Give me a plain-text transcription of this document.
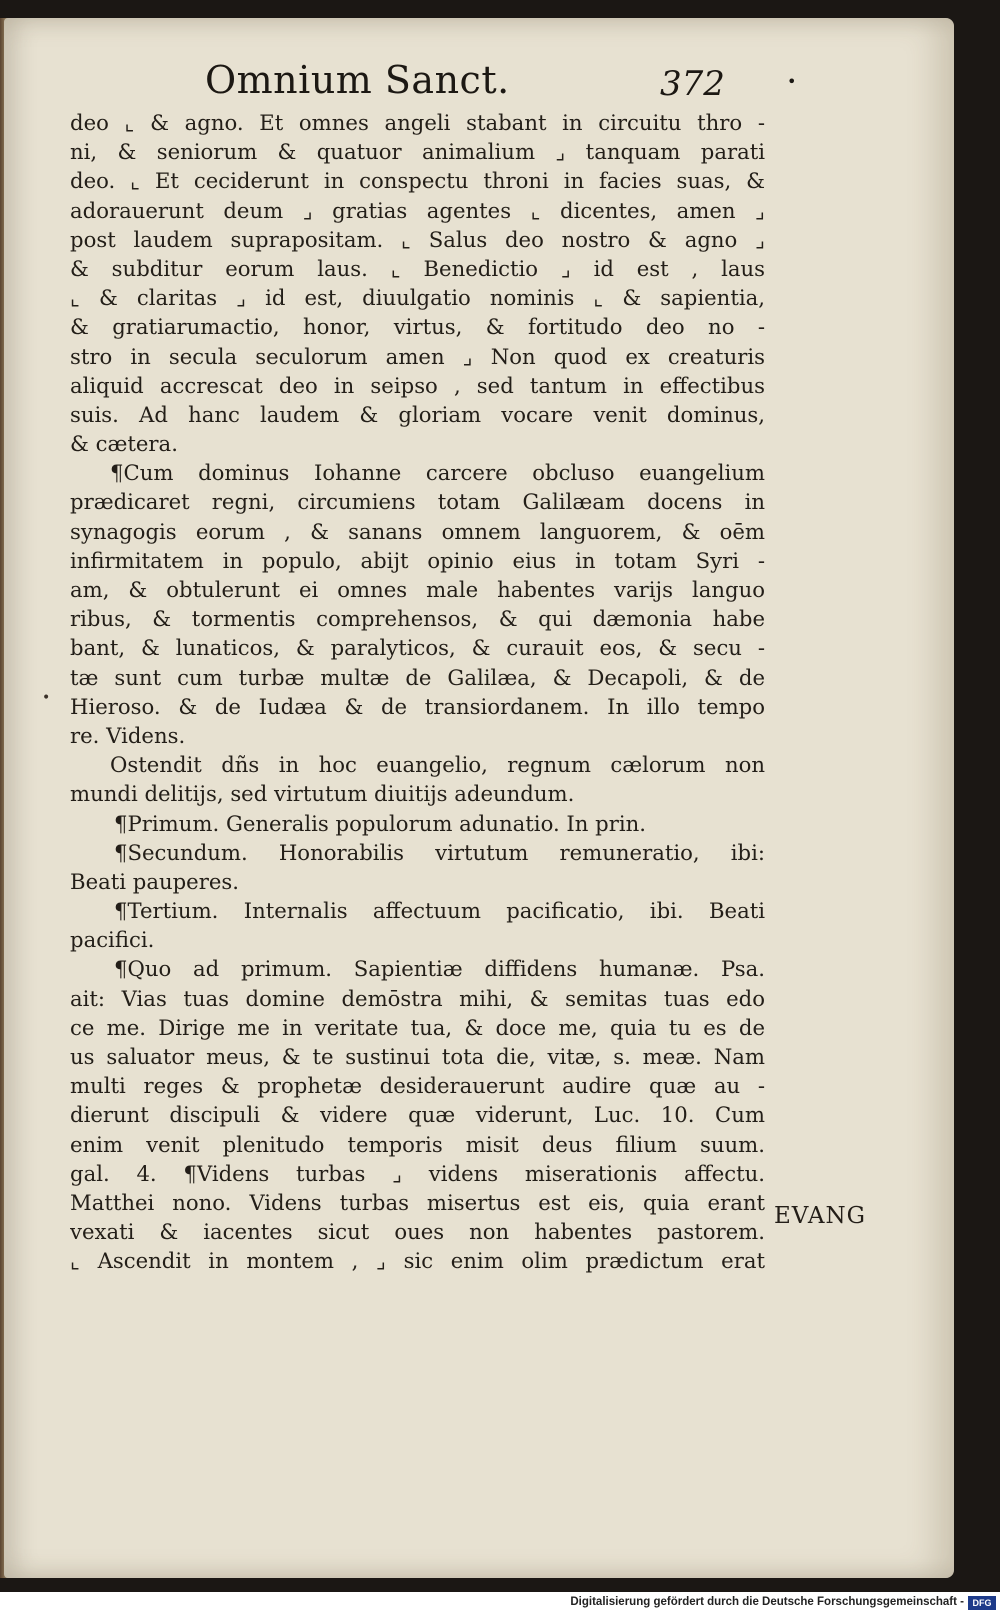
Omnium Sanct.	372	•
•
deo ⌞ & agno. Et omnes angeli stabant in circuitu thro -
ni, & seniorum & quatuor animalium ⌟ tanquam parati
deo. ⌞ Et ceciderunt in conspectu throni in facies suas, &
adorauerunt deum ⌟ gratias agentes ⌞ dicentes, amen ⌟
post laudem suprapositam. ⌞ Salus deo nostro & agno ⌟
& subditur eorum laus. ⌞ Benedictio ⌟ id est , laus
⌞ & claritas ⌟ id est, diuulgatio nominis ⌞ & sapientia,
& gratiarumactio, honor, virtus, & fortitudo deo no -
stro in secula seculorum amen ⌟ Non quod ex creaturis
aliquid accrescat deo in seipso , sed tantum in effectibus
suis. Ad hanc laudem & gloriam vocare venit dominus,
& cætera.
¶Cum dominus Iohanne carcere obcluso euangelium
prædicaret regni, circumiens totam Galilæam docens in
synagogis eorum , & sanans omnem languorem, & oēm
infirmitatem in populo, abijt opinio eius in totam Syri -
am, & obtulerunt ei omnes male habentes varijs languo
ribus, & tormentis comprehensos, & qui dæmonia habe
bant, & lunaticos, & paralyticos, & curauit eos, & secu -
tæ sunt cum turbæ multæ de Galilæa, & Decapoli, & de
Hieroso. & de Iudæa & de transiordanem. In illo tempo
re. Videns.
Ostendit dñs in hoc euangelio, regnum cælorum non
mundi delitijs, sed virtutum diuitijs adeundum.
¶Primum. Generalis populorum adunatio. In prin.
¶Secundum. Honorabilis virtutum remuneratio, ibi:
Beati pauperes.
¶Tertium. Internalis affectuum pacificatio, ibi. Beati
pacifici.
¶Quo ad primum. Sapientiæ diffidens humanæ. Psa.
ait: Vias tuas domine demōstra mihi, & semitas tuas edo
ce me. Dirige me in veritate tua, & doce me, quia tu es de
us saluator meus, & te sustinui tota die, vitæ, s. meæ. Nam
multi reges & prophetæ desiderauerunt audire quæ au -
dierunt discipuli & videre quæ viderunt, Luc. 10. Cum
enim venit plenitudo temporis misit deus filium suum.
gal. 4. ¶Videns turbas ⌟ videns miserationis affectu.
Matthei nono. Videns turbas misertus est eis, quia erant
vexati & iacentes sicut oues non habentes pastorem.
⌞ Ascendit in montem , ⌟ sic enim olim prædictum erat
EVANG
Digitalisierung gefördert durch die Deutsche Forschungsgemeinschaft - DFG
